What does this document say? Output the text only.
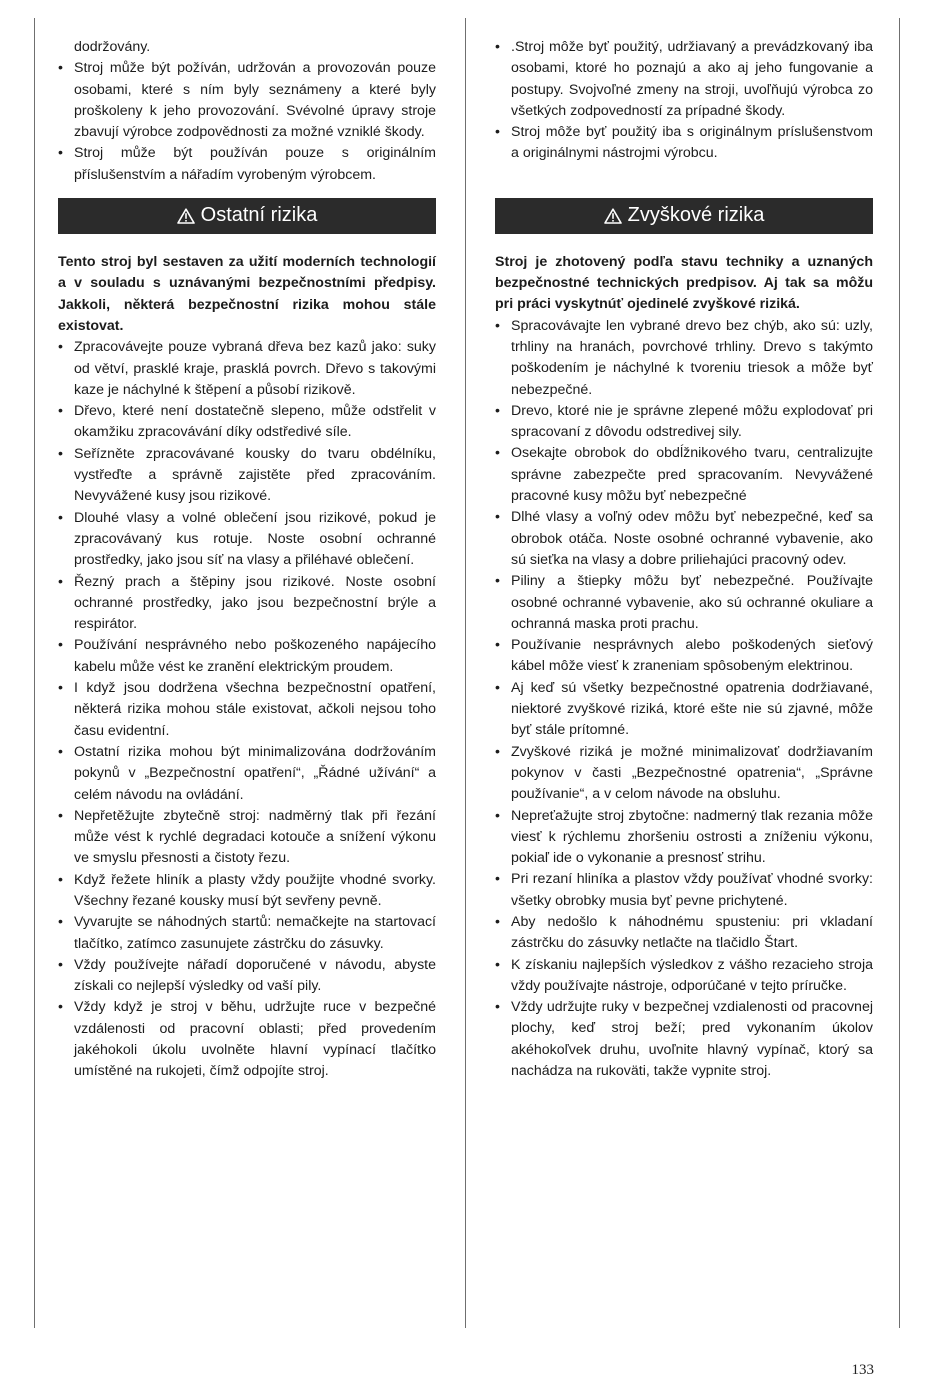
dodržovány.
• Stroj může být požíván, udržován a provozován pouze osobami, které s ním byly seznámeny a které byly proškoleny k jeho provozování. Svévolné úpravy stroje zbavují výrobce zodpovědnosti za možné vzniklé škody.
• Stroj může být používán pouze s originálním příslušenstvím a nářadím vyrobeným výrobcem.
Ostatní rizika

Tento stroj byl sestaven za užití moderních technologií a v souladu s uznávanými bezpečnostními předpisy. Jakkoli, některá bezpečnostní rizika mohou stále existovat.

• Zpracovávejte pouze vybraná dřeva bez kazů jako: suky od větví, prasklé kraje, prasklá povrch. Dřevo s takovými kaze je náchylné k štěpení a působí rizikově.
• Dřevo, které není dostatečně slepeno, může odstřelit v okamžiku zpracovávání díky odstředivé síle.
• Seřízněte zpracovávané kousky do tvaru obdélníku, vystřeďte a správně zajistěte před zpracováním. Nevyvážené kusy jsou rizikové.
• Dlouhé vlasy a volné oblečení jsou rizikové, pokud je zpracovávaný kus rotuje. Noste osobní ochranné prostředky, jako jsou síť na vlasy a přiléhavé oblečení.
• Řezný prach a štěpiny jsou rizikové. Noste osobní ochranné prostředky, jako jsou bezpečnostní brýle a respirátor.
• Používání nesprávného nebo poškozeného napájecího kabelu může vést ke zranění elektrickým proudem.
• I když jsou dodržena všechna bezpečnostní opatření, některá rizika mohou stále existovat, ačkoli nejsou toho času evidentní.
• Ostatní rizika mohou být minimalizována dodržováním pokynů v „Bezpečnostní opatření“, „Řádné užívání“ a celém návodu na ovládání.
• Nepřetěžujte zbytečně stroj: nadměrný tlak při řezání může vést k rychlé degradaci kotouče a snížení výkonu ve smyslu přesnosti a čistoty řezu.
• Když řežete hliník a plasty vždy použijte vhodné svorky. Všechny řezané kousky musí být sevřeny pevně.
• Vyvarujte se náhodných startů: nemačkejte na startovací tlačítko, zatímco zasunujete zástrčku do zásuvky.
• Vždy používejte nářadí doporučené v návodu, abyste získali co nejlepší výsledky od vaší pily.
• Vždy když je stroj v běhu, udržujte ruce v bezpečné vzdálenosti od pracovní oblasti; před provedením jakéhokoli úkolu uvolněte hlavní vypínací tlačítko umístěné na rukojeti, čímž odpojíte stroj.
• .Stroj môže byť použitý, udržiavaný a prevádzkovaný iba osobami, ktoré ho poznajú a ako aj jeho fungovanie a postupy. Svojvoľné zmeny na stroji, uvoľňujú výrobca zo všetkých zodpovedností za prípadné škody.
• Stroj môže byť použitý iba s originálnym príslušenstvom a originálnymi nástrojmi výrobcu.
Zvyškové rizika

Stroj je zhotovený podľa stavu techniky a uznaných bezpečnostné technických predpisov. Aj tak sa môžu pri práci vyskytnúť ojedinelé zvyškové riziká.

• Spracovávajte len vybrané drevo bez chýb, ako sú: uzly, trhliny na hranách, povrchové trhliny. Drevo s takýmto poškodením je náchylné k tvoreniu triesok a môže byť nebezpečné.
• Drevo, ktoré nie je správne zlepené môžu explodovať pri spracovaní z dôvodu odstredivej sily.
• Osekajte obrobok do obdĺžnikového tvaru, centralizujte správne zabezpečte pred spracovaním. Nevyvážené pracovné kusy môžu byť nebezpečné
• Dlhé vlasy a voľný odev môžu byť nebezpečné, keď sa obrobok otáča. Noste osobné ochranné vybavenie, ako sú sieťka na vlasy a dobre priliehajúci pracovný odev.
• Piliny a štiepky môžu byť nebezpečné. Používajte osobné ochranné vybavenie, ako sú ochranné okuliare a ochranná maska proti prachu.
• Používanie nesprávnych alebo poškodených sieťový kábel môže viesť k zraneniam spôsobeným elektrinou.
• Aj keď sú všetky bezpečnostné opatrenia dodržiavané, niektoré zvyškové riziká, ktoré ešte nie sú zjavné, môže byť stále prítomné.
• Zvyškové riziká je možné minimalizovať dodržiavaním pokynov v časti „Bezpečnostné opatrenia“, „Správne používanie“, a v celom návode na obsluhu.
• Nepreťažujte stroj zbytočne: nadmerný tlak rezania môže viesť k rýchlemu zhoršeniu ostrosti a zníženiu výkonu, pokiaľ ide o vykonanie a presnosť strihu.
• Pri rezaní hliníka a plastov vždy používať vhodné svorky: všetky obrobky musia byť pevne prichytené.
• Aby nedošlo k náhodnému spusteniu: pri vkladaní zástrčku do zásuvky netlačte na tlačidlo Štart.
• K získaniu najlepších výsledkov z vášho rezacieho stroja vždy používajte nástroje, odporúčané v tejto príručke.
• Vždy udržujte ruky v bezpečnej vzdialenosti od pracovnej plochy, keď stroj beží; pred vykonaním úkolov akéhokoľvek druhu, uvoľnite hlavný vypínač, ktorý sa nachádza na rukoväti, takže vypnite stroj.
133
